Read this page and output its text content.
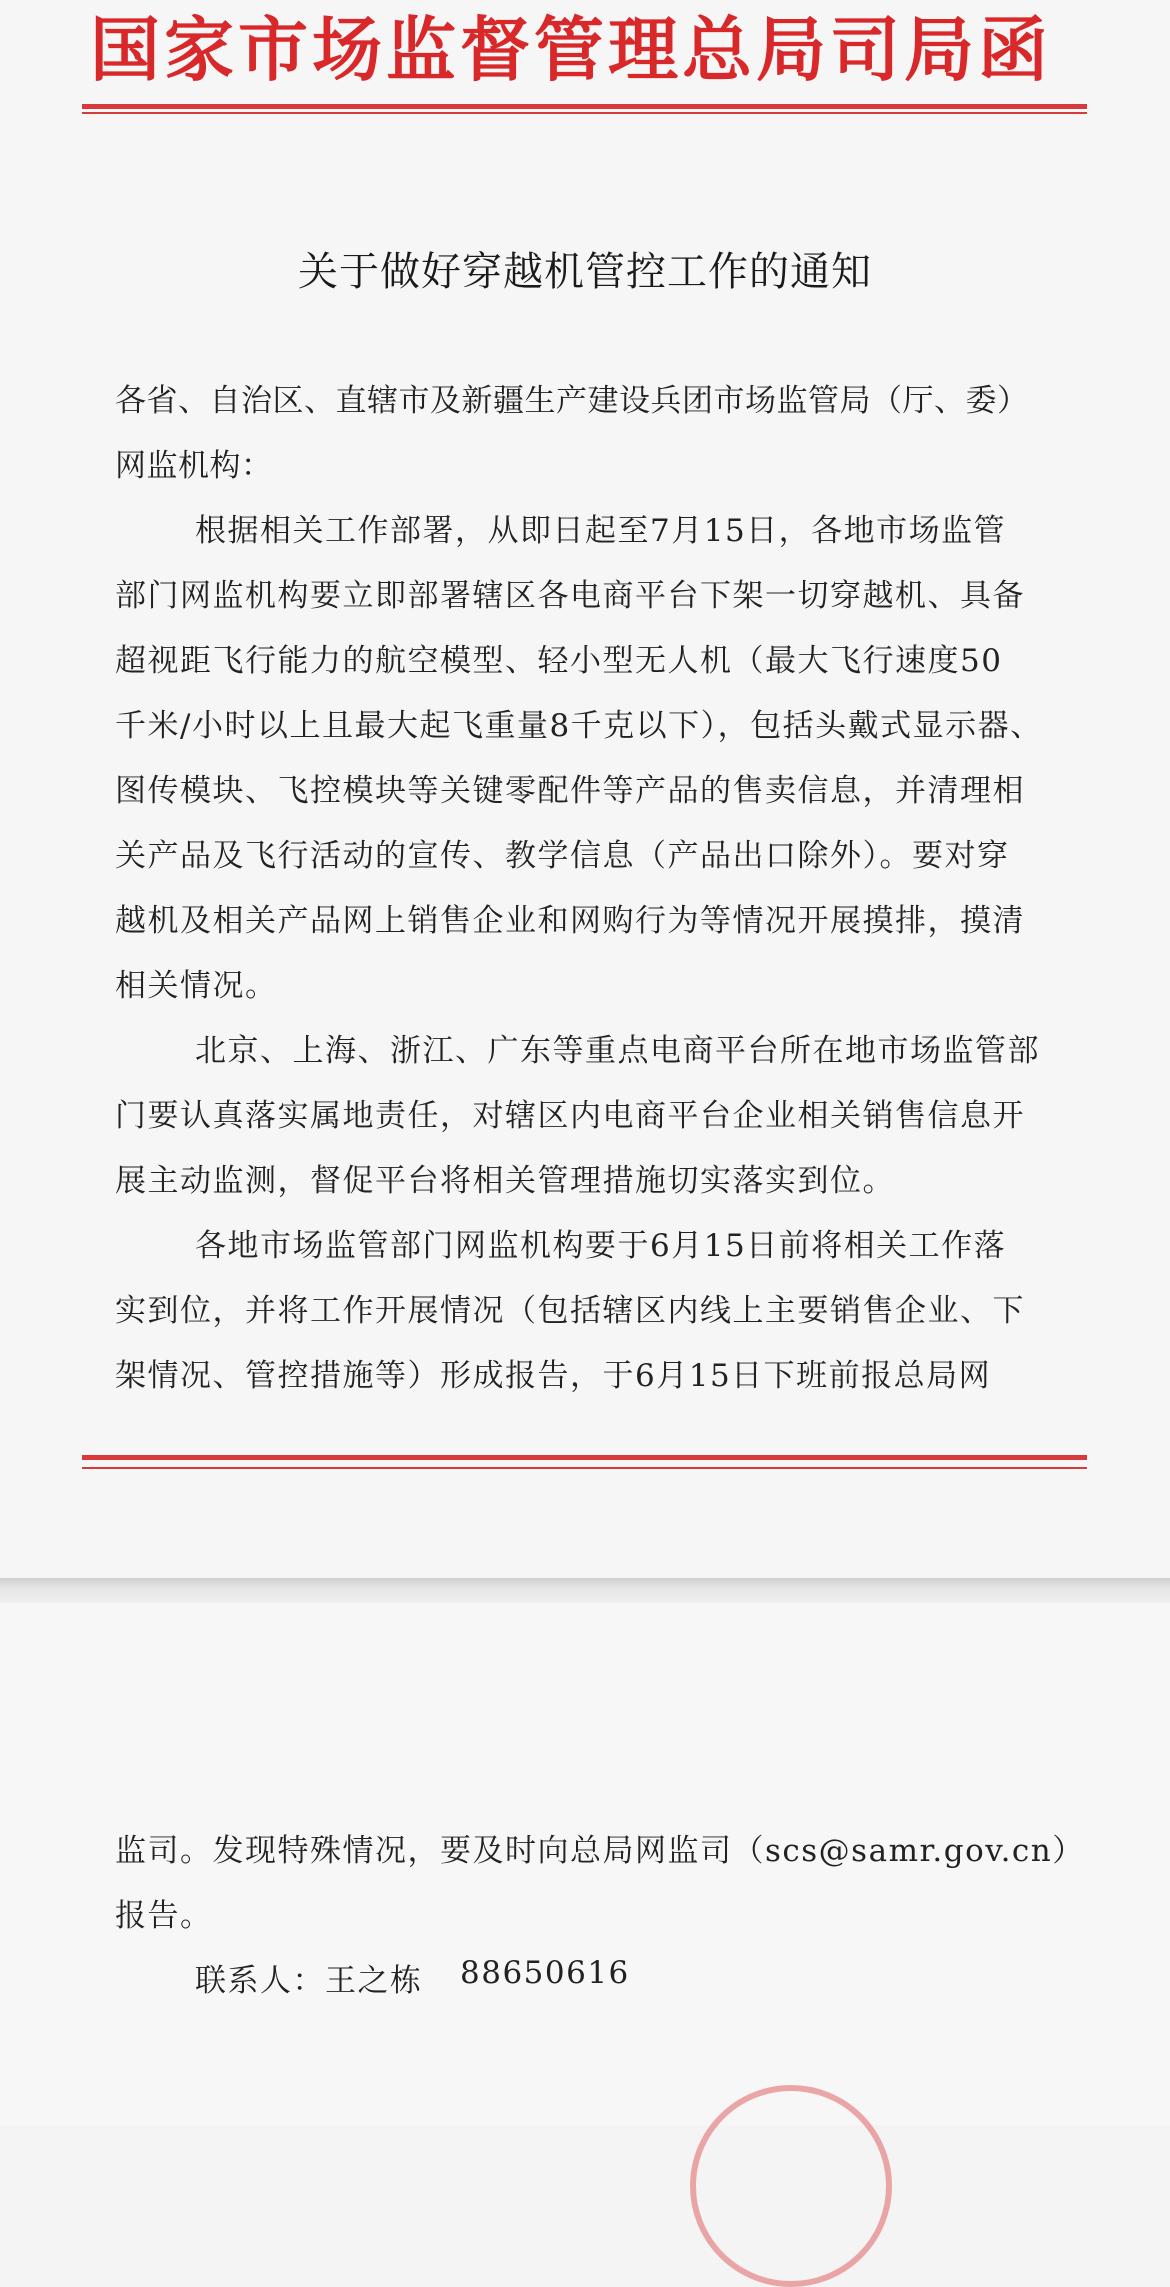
国家市场监督管理总局司局函
关于做好穿越机管控工作的通知
各省、自治区、直辖市及新疆生产建设兵团市场监管局（厅、委）
网监机构：
根据相关工作部署，从即日起至7月15日，各地市场监管
部门网监机构要立即部署辖区各电商平台下架一切穿越机、具备
超视距飞行能力的航空模型、轻小型无人机（最大飞行速度50
千米/小时以上且最大起飞重量8千克以下），包括头戴式显示器、
图传模块、飞控模块等关键零配件等产品的售卖信息，并清理相
关产品及飞行活动的宣传、教学信息（产品出口除外）。要对穿
越机及相关产品网上销售企业和网购行为等情况开展摸排，摸清
相关情况。
北京、上海、浙江、广东等重点电商平台所在地市场监管部
门要认真落实属地责任，对辖区内电商平台企业相关销售信息开
展主动监测，督促平台将相关管理措施切实落实到位。
各地市场监管部门网监机构要于6月15日前将相关工作落
实到位，并将工作开展情况（包括辖区内线上主要销售企业、下
架情况、管控措施等）形成报告，于6月15日下班前报总局网
监司。发现特殊情况，要及时向总局网监司（scs@samr.gov.cn）
报告。
联系人：王之栋 88650616
